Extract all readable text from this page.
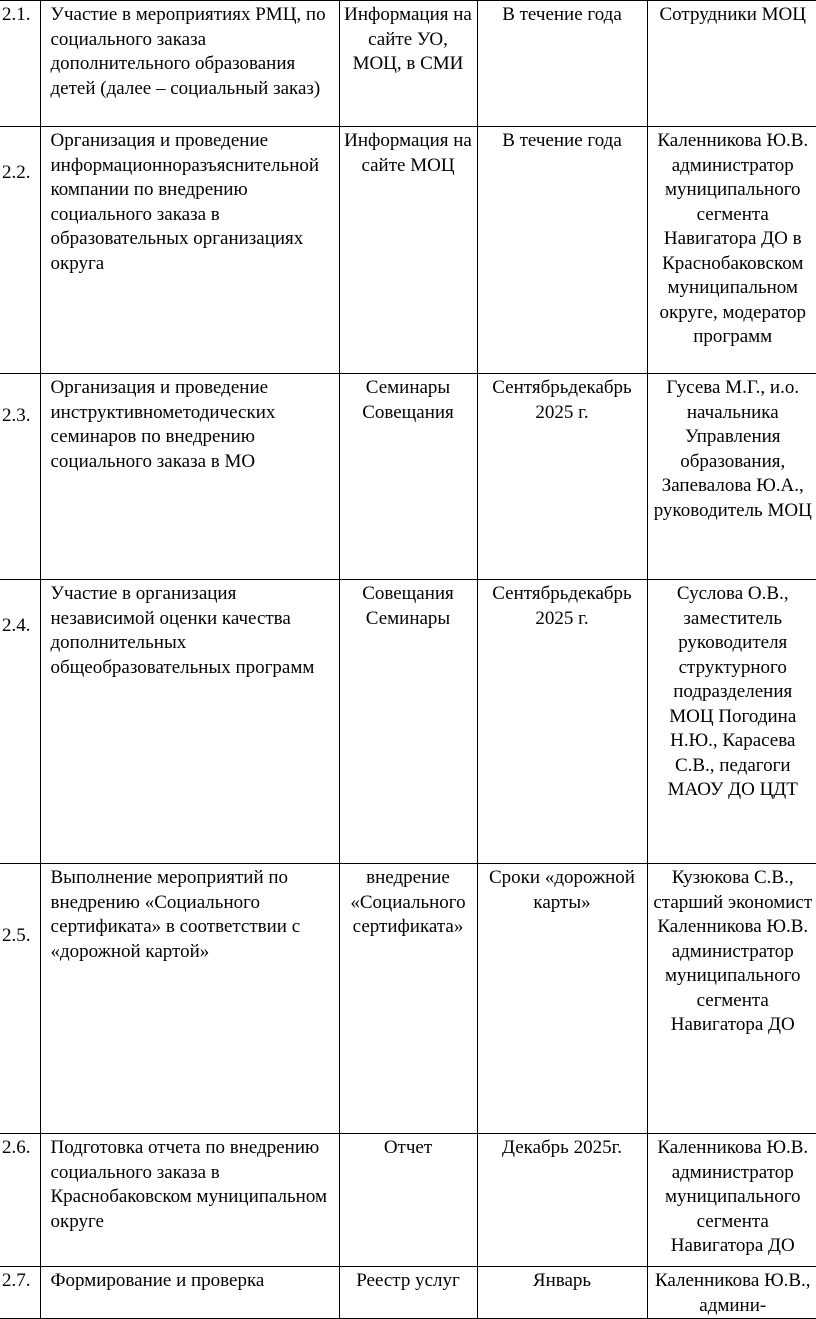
2.1.	Участие в мероприятиях РМЦ, по социального заказа дополнительного образования детей (далее – социальный заказ)	Информация на сайте УО, МОЦ, в СМИ	В течение года	Сотрудники МОЦ
2.2.	Организация и проведение информационноразъяснительной компании по внедрению социального заказа в образовательных организациях округа	Информация на сайте МОЦ	В течение года	Каленникова Ю.В. администратор муниципального сегмента Навигатора ДО в Краснобаковском муниципальном округе, модератор программ
2.3.	Организация и проведение инструктивнометодических семинаров по внедрению социального заказа в МО	Семинары Совещания	Сентябрьдекабрь 2025 г.	Гусева М.Г., и.о. начальника Управления образования, Запевалова Ю.А., руководитель МОЦ
2.4.	Участие в организация независимой оценки качества дополнительных общеобразовательных программ	Совещания Семинары	Сентябрьдекабрь 2025 г.	Суслова О.В., заместитель руководителя структурного подразделения МОЦ Погодина Н.Ю., Карасева С.В., педагоги МАОУ ДО ЦДТ
2.5.	Выполнение мероприятий по внедрению «Социального сертификата» в соответствии с «дорожной картой»	внедрение «Социального сертификата»	Сроки «дорожной карты»	Кузюкова С.В., старший экономист Каленникова Ю.В. администратор муниципального сегмента Навигатора ДО
2.6.	Подготовка отчета по внедрению социального заказа в Краснобаковском муниципальном округе	Отчет	Декабрь 2025г.	Каленникова Ю.В. администратор муниципального сегмента Навигатора ДО
2.7.	Формирование и проверка	Реестр услуг	Январь	Каленникова Ю.В., админи-
